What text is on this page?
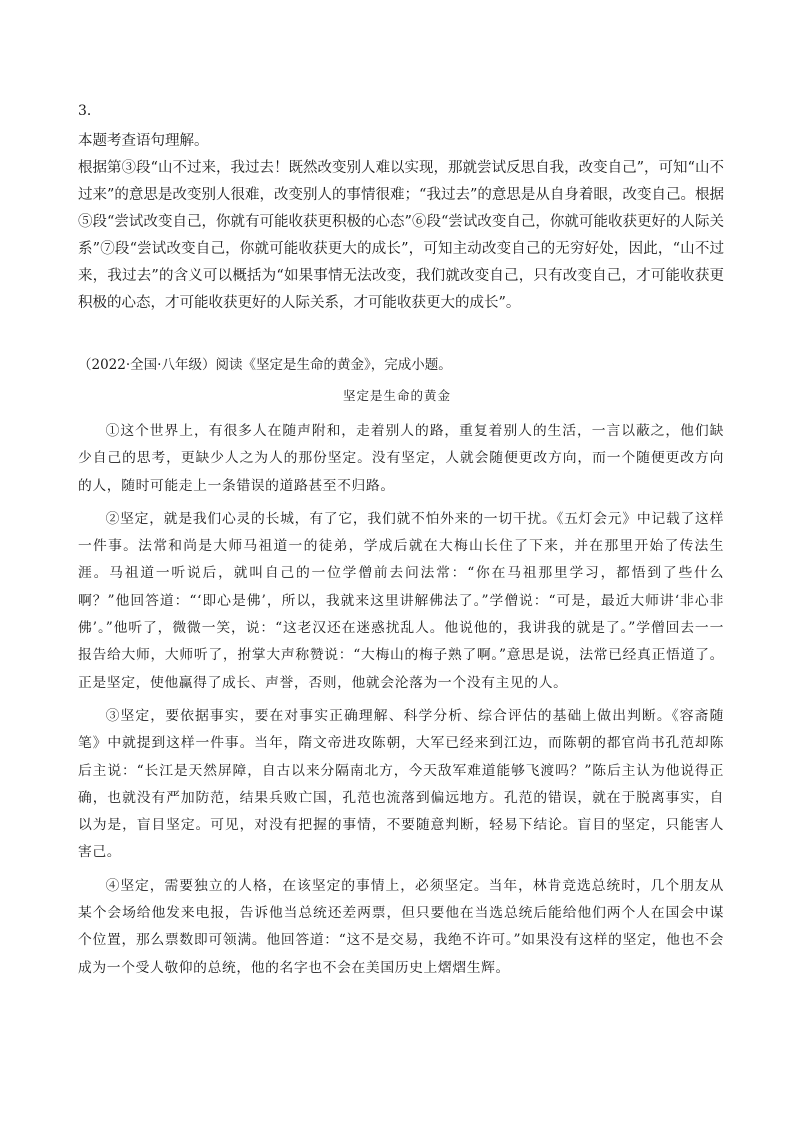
3．

本题考查语句理解。

根据第③段“山不过来，我过去！既然改变别人难以实现，那就尝试反思自我，改变自己”，可知“山不过来”的意思是改变别人很难，改变别人的事情很难；“我过去”的意思是从自身着眼，改变自己。根据⑤段“尝试改变自己，你就有可能收获更积极的心态”⑥段“尝试改变自己，你就可能收获更好的人际关系”⑦段“尝试改变自己，你就可能收获更大的成长”，可知主动改变自己的无穷好处，因此，“山不过来，我过去”的含义可以概括为“如果事情无法改变，我们就改变自己，只有改变自己，才可能收获更积极的心态，才可能收获更好的人际关系，才可能收获更大的成长”。

（2022·全国·八年级）阅读《坚定是生命的黄金》，完成小题。
坚定是生命的黄金

①这个世界上，有很多人在随声附和，走着别人的路，重复着别人的生活，一言以蔽之，他们缺少自己的思考，更缺少人之为人的那份坚定。没有坚定，人就会随便更改方向，而一个随便更改方向的人，随时可能走上一条错误的道路甚至不归路。

②坚定，就是我们心灵的长城，有了它，我们就不怕外来的一切干扰。《五灯会元》中记载了这样一件事。法常和尚是大师马祖道一的徒弟，学成后就在大梅山长住了下来，并在那里开始了传法生涯。马祖道一听说后，就叫自己的一位学僧前去问法常：“你在马祖那里学习，都悟到了些什么啊？”他回答道：“‘即心是佛’，所以，我就来这里讲解佛法了。”学僧说：“可是，最近大师讲‘非心非佛’。”他听了，微微一笑，说：“这老汉还在迷惑扰乱人。他说他的，我讲我的就是了。”学僧回去一一报告给大师，大师听了，拊掌大声称赞说：“大梅山的梅子熟了啊。”意思是说，法常已经真正悟道了。正是坚定，使他赢得了成长、声誉，否则，他就会沦落为一个没有主见的人。

③坚定，要依据事实，要在对事实正确理解、科学分析、综合评估的基础上做出判断。《容斋随笔》中就提到这样一件事。当年，隋文帝进攻陈朝，大军已经来到江边，而陈朝的都官尚书孔范却陈后主说：“长江是天然屏障，自古以来分隔南北方，今天敌军难道能够飞渡吗？”陈后主认为他说得正确，也就没有严加防范，结果兵败亡国，孔范也流落到偏远地方。孔范的错误，就在于脱离事实，自以为是，盲目坚定。可见，对没有把握的事情，不要随意判断，轻易下结论。盲目的坚定，只能害人害己。

④坚定，需要独立的人格，在该坚定的事情上，必须坚定。当年，林肯竞选总统时，几个朋友从某个会场给他发来电报，告诉他当总统还差两票，但只要他在当选总统后能给他们两个人在国会中谋个位置，那么票数即可领满。他回答道：“这不是交易，我绝不许可。”如果没有这样的坚定，他也不会成为一个受人敬仰的总统，他的名字也不会在美国历史上熠熠生辉。
